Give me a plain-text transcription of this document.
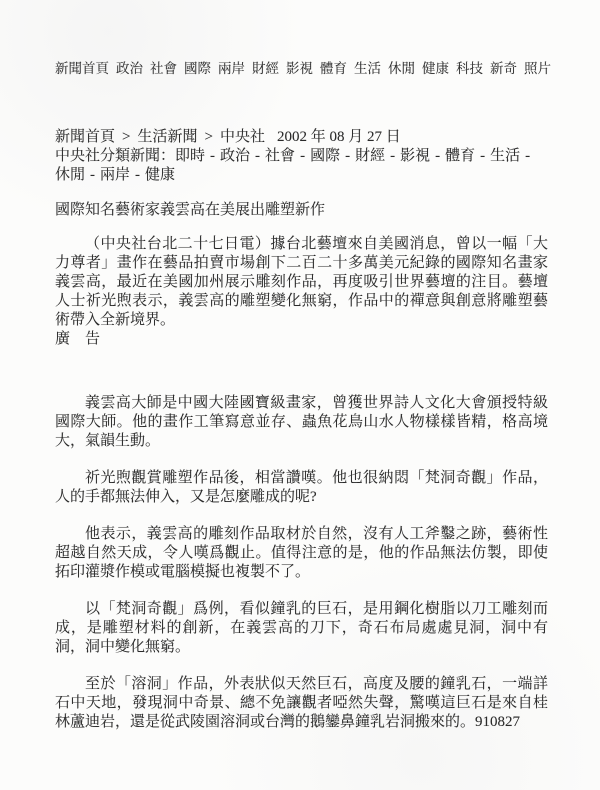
新聞首頁 政治 社會 國際 兩岸 財經 影視 體育 生活 休閒 健康 科技 新奇 照片
新聞首頁 > 生活新聞 > 中央社 2002 年 08 月 27 日
中央社分類新聞：即時 - 政治 - 社會 - 國際 - 財經 - 影視 - 體育 - 生活 -休閒 - 兩岸 - 健康
國際知名藝術家義雲高在美展出雕塑新作

（中央社台北二十七日電）據台北藝壇來自美國消息，曾以一幅「大力尊者」畫作在藝品拍賣市場創下二百二十多萬美元紀錄的國際知名畫家義雲高，最近在美國加州展示雕刻作品，再度吸引世界藝壇的注目。藝壇人士祈光煦表示，義雲高的雕塑變化無窮，作品中的禪意與創意將雕塑藝術帶入全新境界。

廣　告

義雲高大師是中國大陸國寶級畫家，曾獲世界詩人文化大會頒授特級國際大師。他的畫作工筆寫意並存、蟲魚花鳥山水人物樣樣皆精，格高境大，氣韻生動。

祈光煦觀賞雕塑作品後，相當讚嘆。他也很納悶「梵洞奇觀」作品，人的手都無法伸入，又是怎麼雕成的呢?

他表示，義雲高的雕刻作品取材於自然，沒有人工斧鑿之跡，藝術性超越自然天成，令人嘆爲觀止。值得注意的是，他的作品無法仿製，即使拓印灌漿作模或電腦模擬也複製不了。

以「梵洞奇觀」爲例，看似鐘乳的巨石，是用鋼化樹脂以刀工雕刻而成，是雕塑材料的創新，在義雲高的刀下，奇石布局處處見洞，洞中有洞，洞中變化無窮。

至於「溶洞」作品，外表狀似天然巨石，高度及腰的鐘乳石，一端詳石中天地，發現洞中奇景、總不免讓觀者啞然失聲，驚嘆這巨石是來自桂林蘆迪岩，還是從武陵園溶洞或台灣的鵝鑾鼻鐘乳岩洞搬來的。910827
